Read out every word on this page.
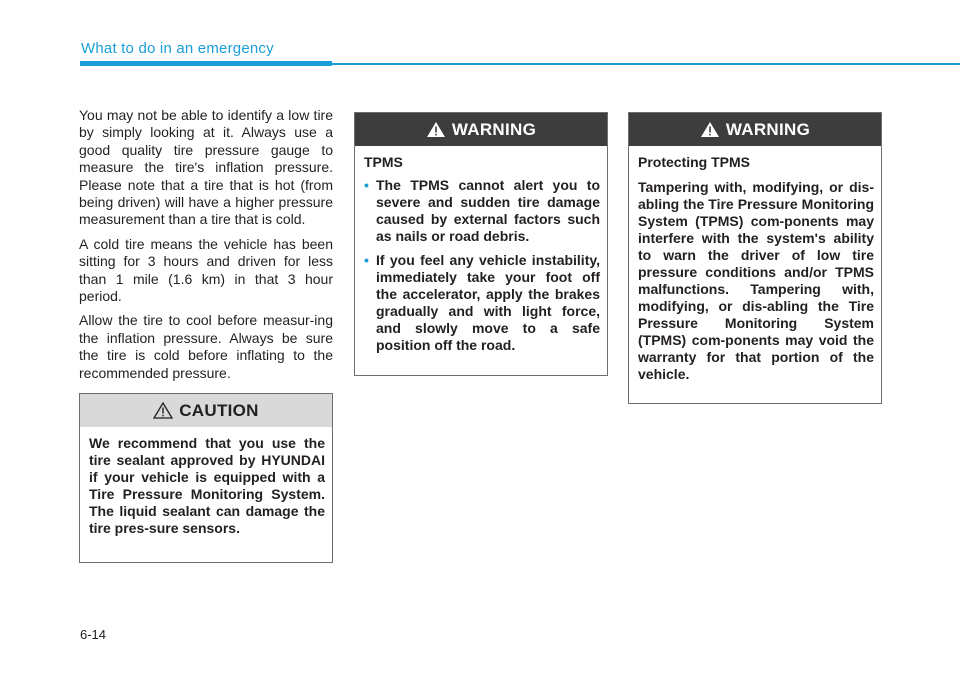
What to do in an emergency

You may not be able to identify a low tire by simply looking at it. Always use a good quality tire pressure gauge to measure the tire's inflation pressure. Please note that a tire that is hot (from being driven) will have a higher pressure measurement than a tire that is cold.

A cold tire means the vehicle has been sitting for 3 hours and driven for less than 1 mile (1.6 km) in that 3 hour period.

Allow the tire to cool before measur-ing the inflation pressure. Always be sure the tire is cold before inflating to the recommended pressure.

CAUTION

We recommend that you use the tire sealant approved by HYUNDAI if your vehicle is equipped with a Tire Pressure Monitoring System. The liquid sealant can damage the tire pres-sure sensors.

WARNING

TPMS

• The TPMS cannot alert you to severe and sudden tire damage caused by external factors such as nails or road debris.
• If you feel any vehicle instability, immediately take your foot off the accelerator, apply the brakes gradually and with light force, and slowly move to a safe position off the road.
WARNING

Protecting TPMS

Tampering with, modifying, or dis-abling the Tire Pressure Monitoring System (TPMS) com-ponents may interfere with the system's ability to warn the driver of low tire pressure conditions and/or TPMS malfunctions. Tampering with, modifying, or dis-abling the Tire Pressure Monitoring System (TPMS) com-ponents may void the warranty for that portion of the vehicle.

6-14
